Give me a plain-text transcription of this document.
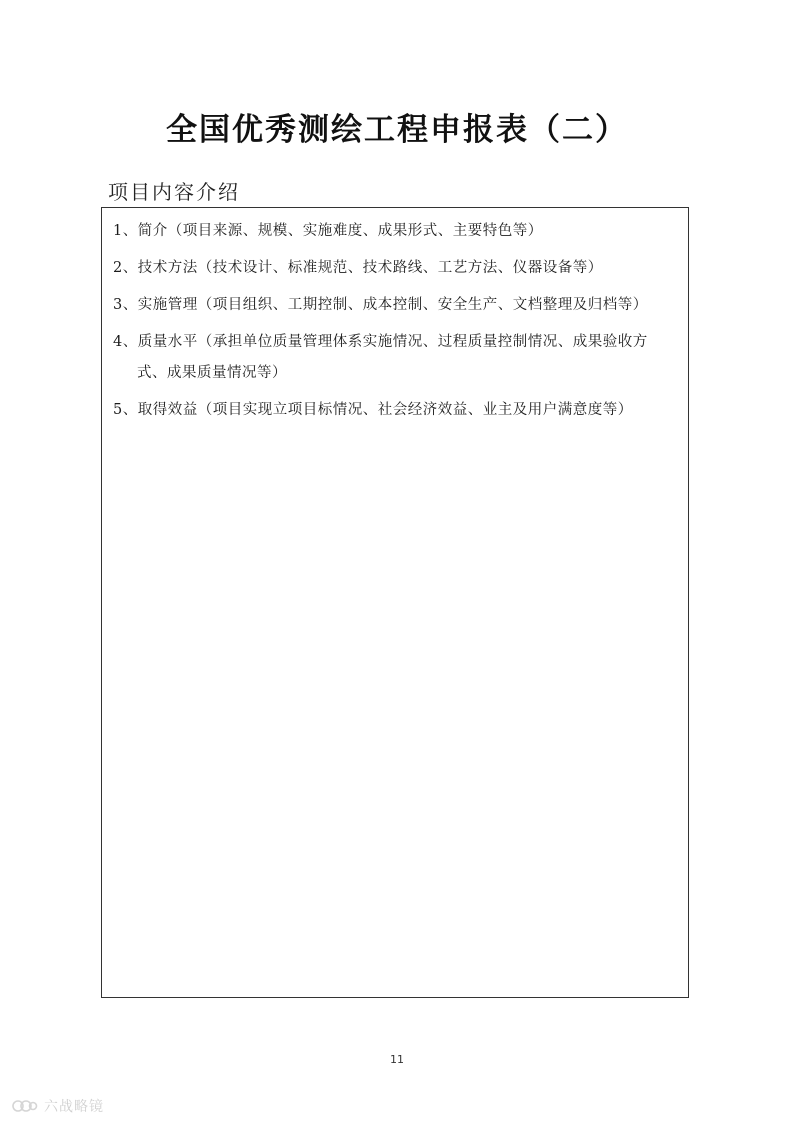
全国优秀测绘工程申报表（二）
项目内容介绍
1、简介（项目来源、规模、实施难度、成果形式、主要特色等）
2、技术方法（技术设计、标准规范、技术路线、工艺方法、仪器设备等）
3、实施管理（项目组织、工期控制、成本控制、安全生产、文档整理及归档等）
4、质量水平（承担单位质量管理体系实施情况、过程质量控制情况、成果验收方
式、成果质量情况等）
5、取得效益（项目实现立项目标情况、社会经济效益、业主及用户满意度等）
11
六战略镜
